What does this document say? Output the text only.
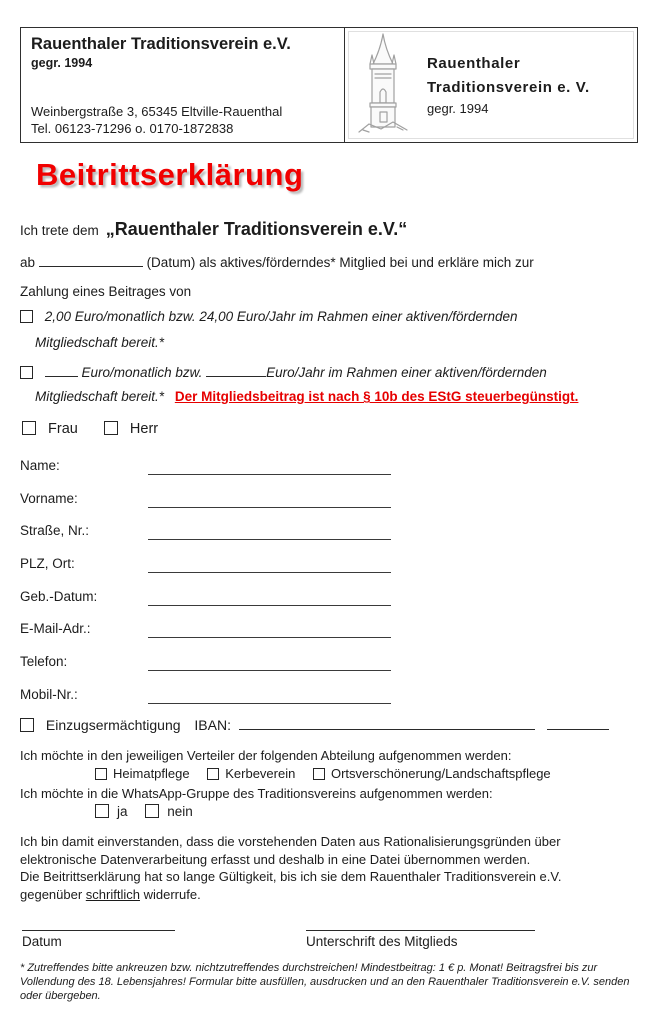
Rauenthaler Traditionsverein e.V.
gegr. 1994
Weinbergstraße 3, 65345 Eltville-Rauenthal
Tel. 06123-71296 o. 0170-1872838
Rauenthaler
Traditionsverein e. V.
gegr. 1994
Beitrittserklärung
Ich trete dem „Rauenthaler Traditionsverein e.V.“
ab	(Datum) als aktives/förderndes* Mitglied bei und erkläre mich zur
Zahlung eines Beitrages von
2,00 Euro/monatlich bzw. 24,00 Euro/Jahr im Rahmen einer aktiven/fördernden
Mitgliedschaft bereit.*
Euro/monatlich bzw.	Euro/Jahr im Rahmen einer aktiven/fördernden
Mitgliedschaft bereit.* Der Mitgliedsbeitrag ist nach § 10b des EStG steuerbegünstigt.
Frau	Herr
Name:
Vorname:
Straße, Nr.:
PLZ, Ort:
Geb.-Datum:
E-Mail-Adr.:
Telefon:
Mobil-Nr.:
Einzugsermächtigung IBAN:
Ich möchte in den jeweiligen Verteiler der folgenden Abteilung aufgenommen werden:
Heimatpflege	Kerbeverein	Ortsverschönerung/Landschaftspflege
Ich möchte in die WhatsApp-Gruppe des Traditionsvereins aufgenommen werden:
ja	nein
Ich bin damit einverstanden, dass die vorstehenden Daten aus Rationalisierungsgründen über
elektronische Datenverarbeitung erfasst und deshalb in eine Datei übernommen werden.
Die Beitrittserklärung hat so lange Gültigkeit, bis ich sie dem Rauenthaler Traditionsverein e.V.
gegenüber schriftlich widerrufe.
Datum	Unterschrift des Mitglieds
* Zutreffendes bitte ankreuzen bzw. nichtzutreffendes durchstreichen! Mindestbeitrag: 1 € p. Monat! Beitragsfrei bis zur Vollendung des 18. Lebensjahres! Formular bitte ausfüllen, ausdrucken und an den Rauenthaler Traditionsverein e.V. senden oder übergeben.
